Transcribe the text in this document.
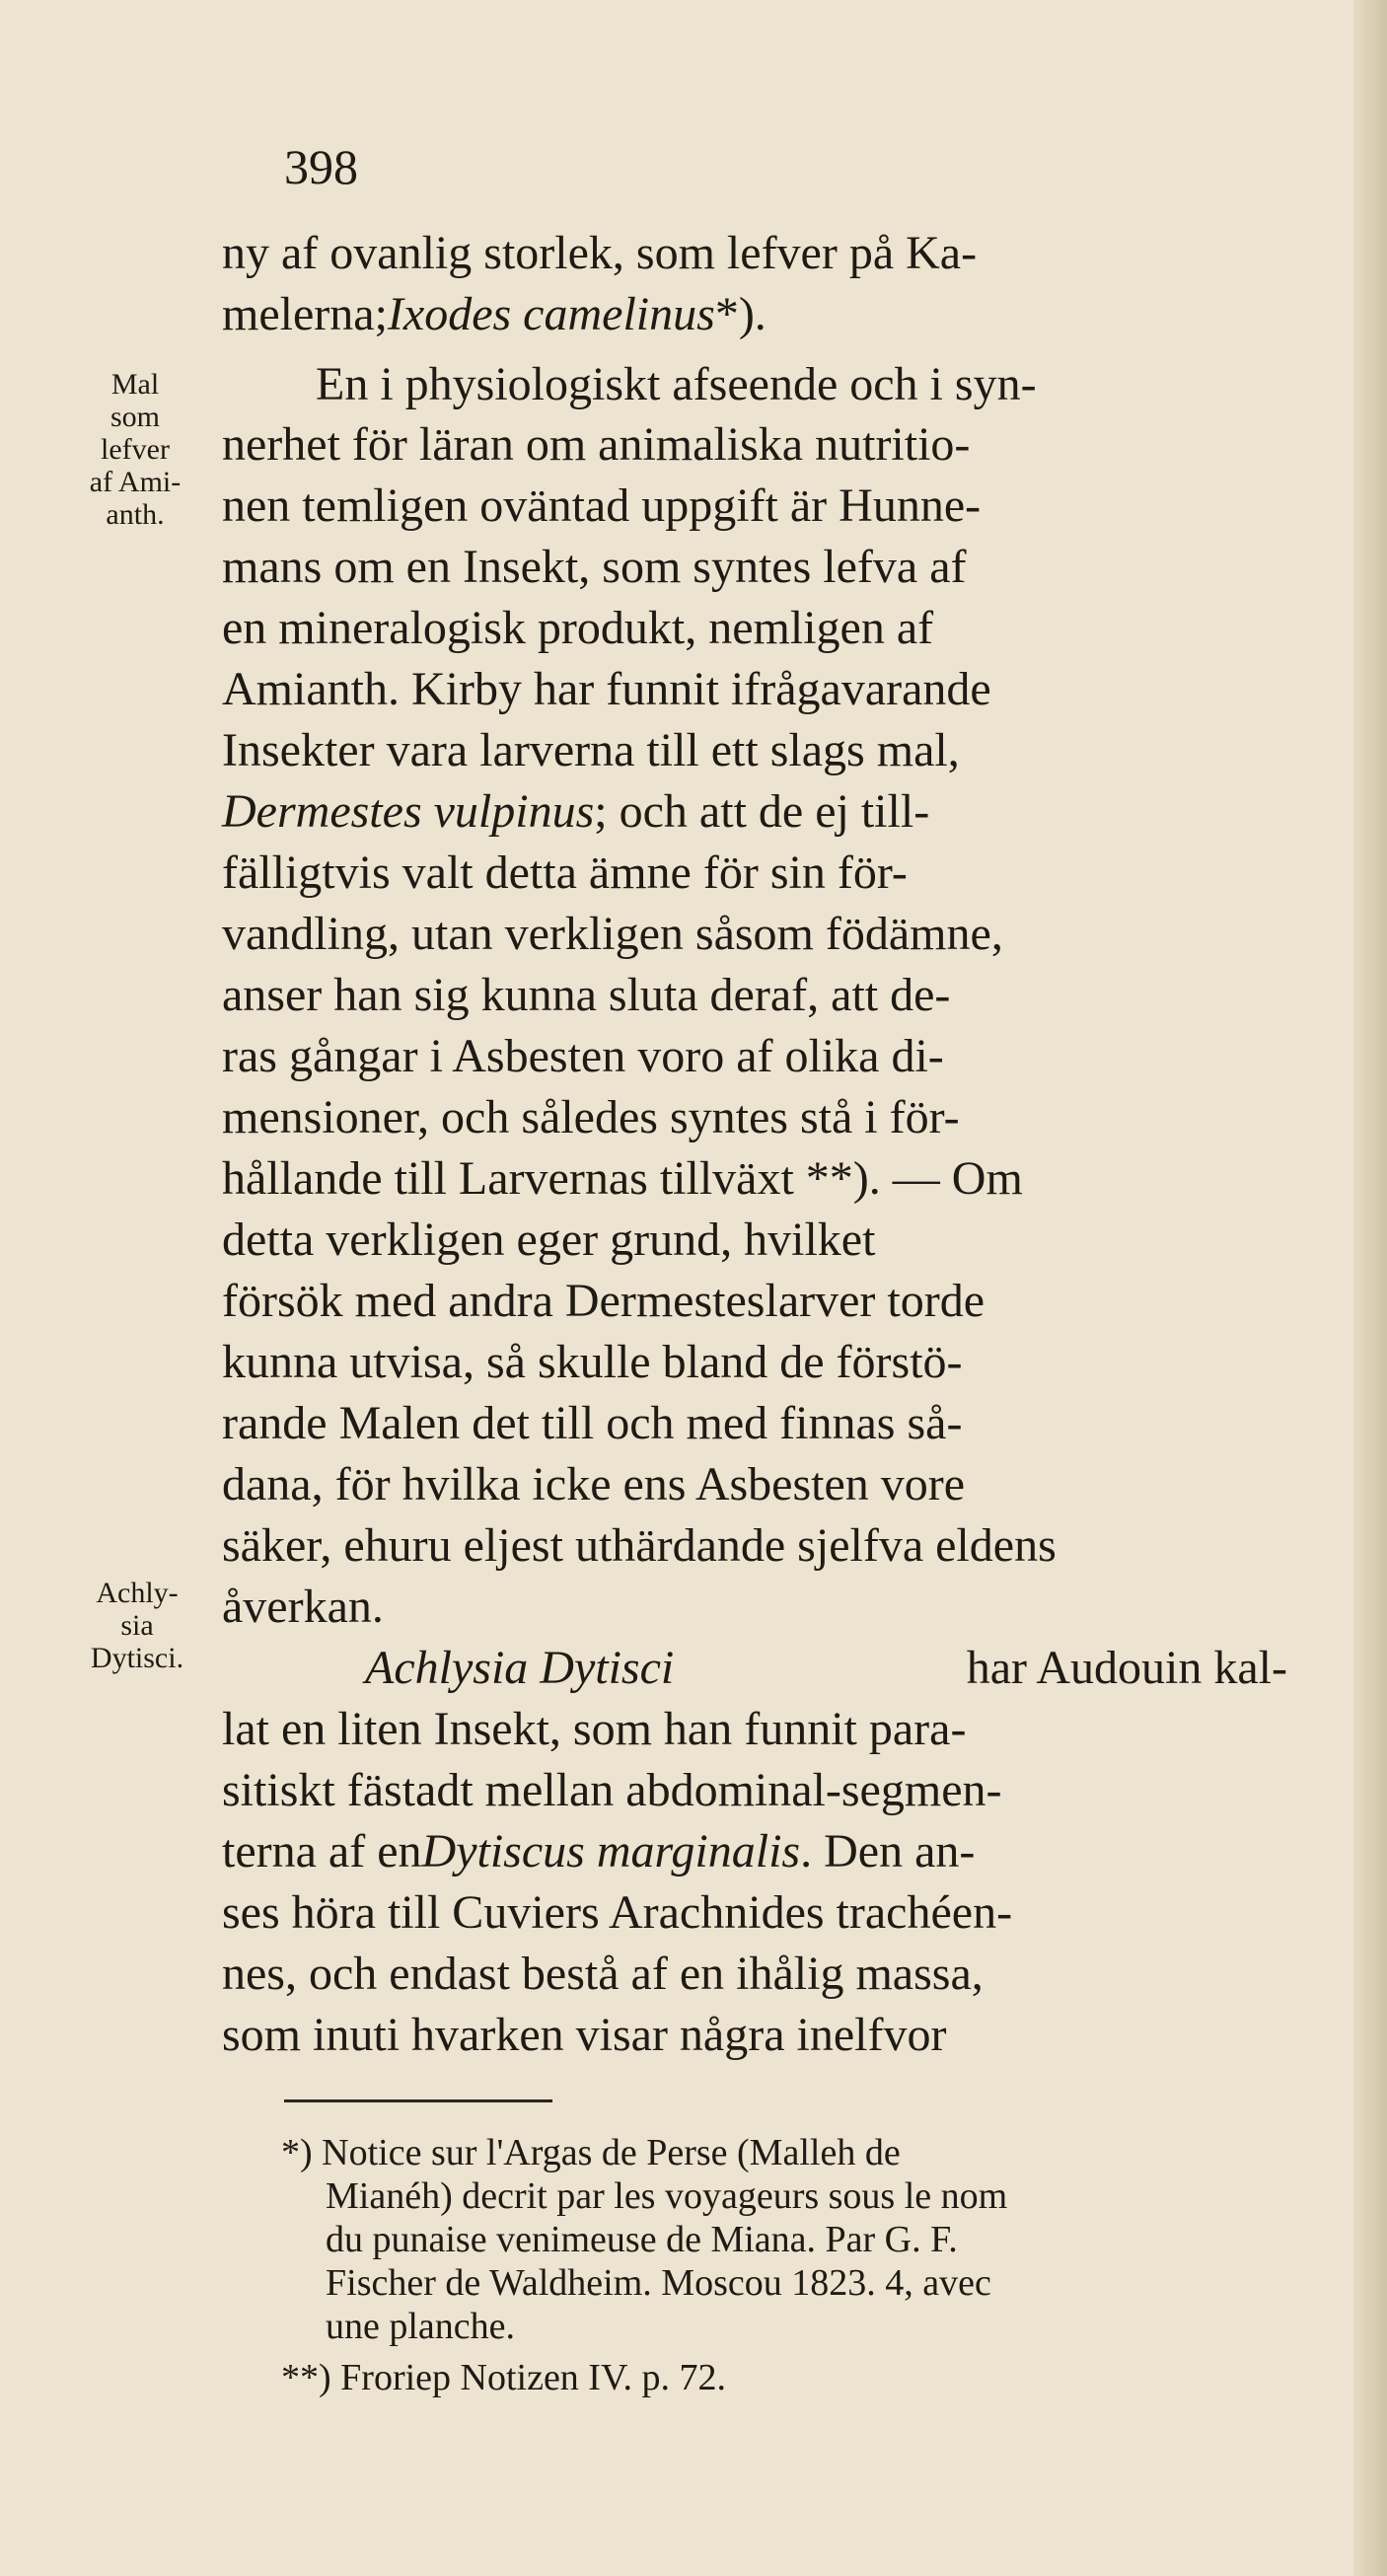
398
Mal
som
lefver
af Ami-
anth.
Achly-
sia
Dytisci.
ny af ovanlig storlek, som lefver på Ka-
melerna; Ixodes camelinus *).
En i physiologiskt afseende och i syn-
nerhet för läran om animaliska nutritio-
nen temligen oväntad uppgift är Hunne-
mans om en Insekt, som syntes lefva af
en mineralogisk produkt, nemligen af
Amianth. Kirby har funnit ifrågavarande
Insekter vara larverna till ett slags mal,
Dermestes vulpinus ; och att de ej till-
fälligtvis valt detta ämne för sin för-
vandling, utan verkligen såsom födämne,
anser han sig kunna sluta deraf, att de-
ras gångar i Asbesten voro af olika di-
mensioner, och således syntes stå i för-
hållande till Larvernas tillväxt **). — Om
detta verkligen eger grund, hvilket
försök med andra Dermesteslarver torde
kunna utvisa, så skulle bland de förstö-
rande Malen det till och med finnas så-
dana, för hvilka icke ens Asbesten vore
säker, ehuru eljest uthärdande sjelfva eldens
åverkan.
Achlysia Dytisci	har Audouin kal-
lat en liten Insekt, som han funnit para-
sitiskt fästadt mellan abdominal-segmen-
terna af en Dytiscus marginalis . Den an-
ses höra till Cuviers Arachnides trachéen-
nes, och endast bestå af en ihålig massa,
som inuti hvarken visar några inelfvor
*) Notice sur l'Argas de Perse (Malleh de
Mianéh) decrit par les voyageurs sous le nom
du punaise venimeuse de Miana. Par G. F.
Fischer de Waldheim. Moscou 1823. 4, avec
une planche.
**) Froriep Notizen IV. p. 72.
